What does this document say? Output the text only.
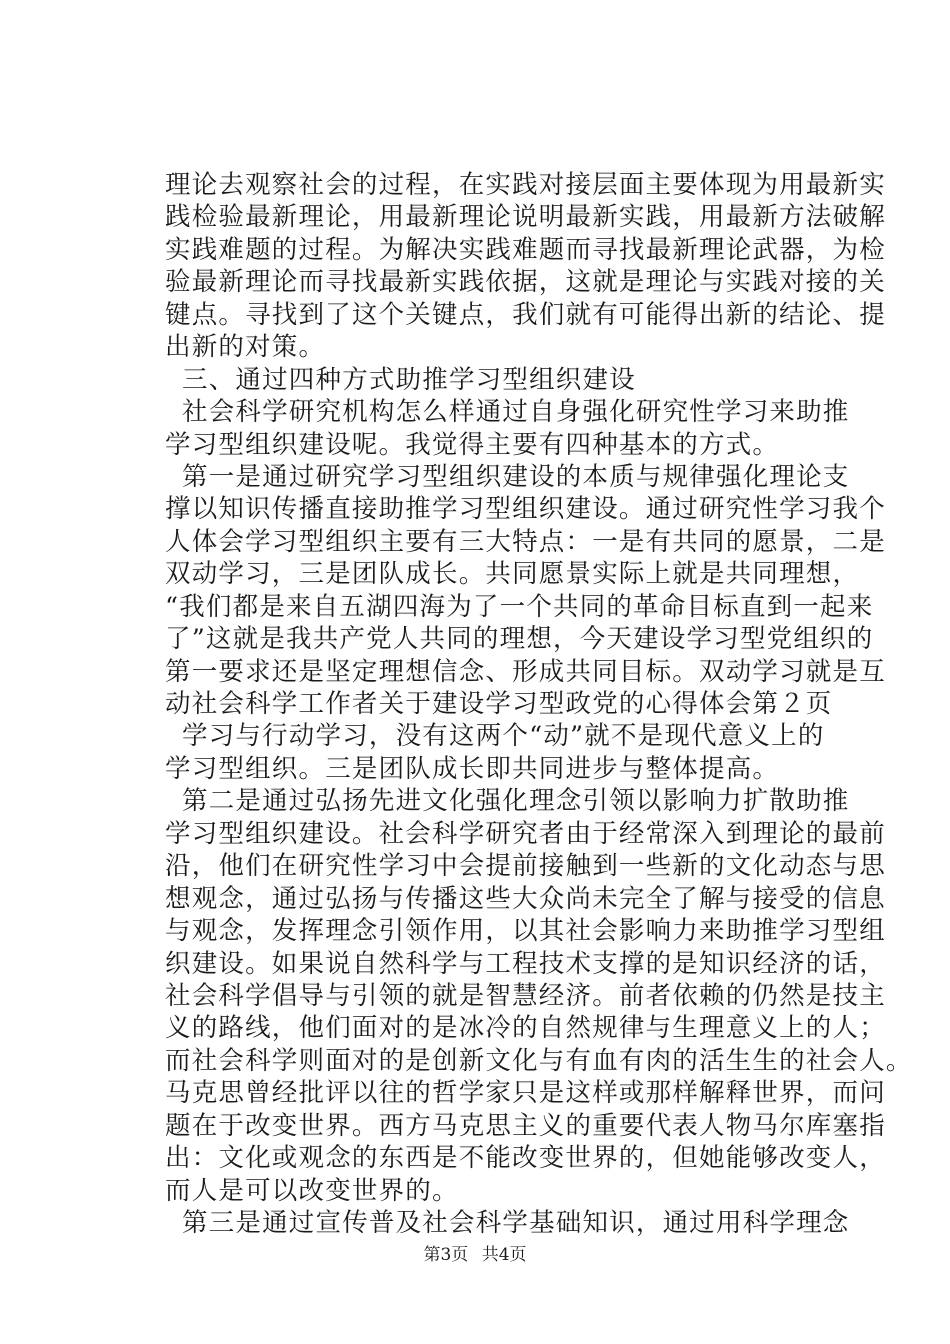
理论去观察社会的过程，在实践对接层面主要体现为用最新实
践检验最新理论，用最新理论说明最新实践，用最新方法破解
实践难题的过程。为解决实践难题而寻找最新理论武器，为检
验最新理论而寻找最新实践依据，这就是理论与实践对接的关
键点。寻找到了这个关键点，我们就有可能得出新的结论、提
出新的对策。
三、通过四种方式助推学习型组织建设
社会科学研究机构怎么样通过自身强化研究性学习来助推
学习型组织建设呢。我觉得主要有四种基本的方式。
第一是通过研究学习型组织建设的本质与规律强化理论支
撑以知识传播直接助推学习型组织建设。通过研究性学习我个
人体会学习型组织主要有三大特点：一是有共同的愿景，二是
双动学习，三是团队成长。共同愿景实际上就是共同理想，
“我们都是来自五湖四海为了一个共同的革命目标直到一起来
了”这就是我共产党人共同的理想，今天建设学习型党组织的
第一要求还是坚定理想信念、形成共同目标。双动学习就是互
动社会科学工作者关于建设学习型政党的心得体会第２页
学习与行动学习，没有这两个“动”就不是现代意义上的
学习型组织。三是团队成长即共同进步与整体提高。
第二是通过弘扬先进文化强化理念引领以影响力扩散助推
学习型组织建设。社会科学研究者由于经常深入到理论的最前
沿，他们在研究性学习中会提前接触到一些新的文化动态与思
想观念，通过弘扬与传播这些大众尚未完全了解与接受的信息
与观念，发挥理念引领作用，以其社会影响力来助推学习型组
织建设。如果说自然科学与工程技术支撑的是知识经济的话，
社会科学倡导与引领的就是智慧经济。前者依赖的仍然是技主
义的路线，他们面对的是冰冷的自然规律与生理意义上的人；
而社会科学则面对的是创新文化与有血有肉的活生生的社会人。
马克思曾经批评以往的哲学家只是这样或那样解释世界，而问
题在于改变世界。西方马克思主义的重要代表人物马尔库塞指
出：文化或观念的东西是不能改变世界的，但她能够改变人，
而人是可以改变世界的。
第三是通过宣传普及社会科学基础知识，通过用科学理念
第3页 共4页
